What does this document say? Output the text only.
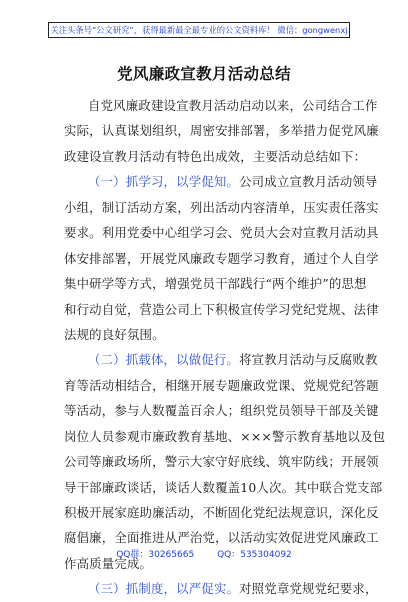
关注头条号“公文研究”，获得最新最全最专业的公文资料库！ 微信：gongwenxj
党风廉政宣教月活动总结
自党风廉政建设宣教月活动启动以来，公司结合工作
实际，认真谋划组织，周密安排部署，多举措力促党风廉
政建设宣教月活动有特色出成效，主要活动总结如下：
（一）抓学习，以学促知。公司成立宣教月活动领导
小组，制订活动方案，列出活动内容清单，压实责任落实
要求。利用党委中心组学习会、党员大会对宣教月活动具
体安排部署，开展党风廉政专题学习教育，通过个人自学
集中研学等方式，增强党员干部践行“两个维护”的思想
和行动自觉，营造公司上下积极宣传学习党纪党规、法律
法规的良好氛围。
（二）抓载体，以做促行。将宣教月活动与反腐败教
育等活动相结合，相继开展专题廉政党课、党规党纪答题
等活动，参与人数覆盖百余人；组织党员领导干部及关键
岗位人员参观市廉政教育基地、×××警示教育基地以及包
公司等廉政场所，警示大家守好底线、筑牢防线；开展领
导干部廉政谈话，谈话人数覆盖10人次。其中联合党支部
积极开展家庭助廉活动，不断固化党纪法规意识，深化反
腐倡廉，全面推进从严治党，以活动实效促进党风廉政工
作高质量完成。
（三）抓制度，以严促实。对照党章党规党纪要求，
QQ群：30265665        QQ：535304092
